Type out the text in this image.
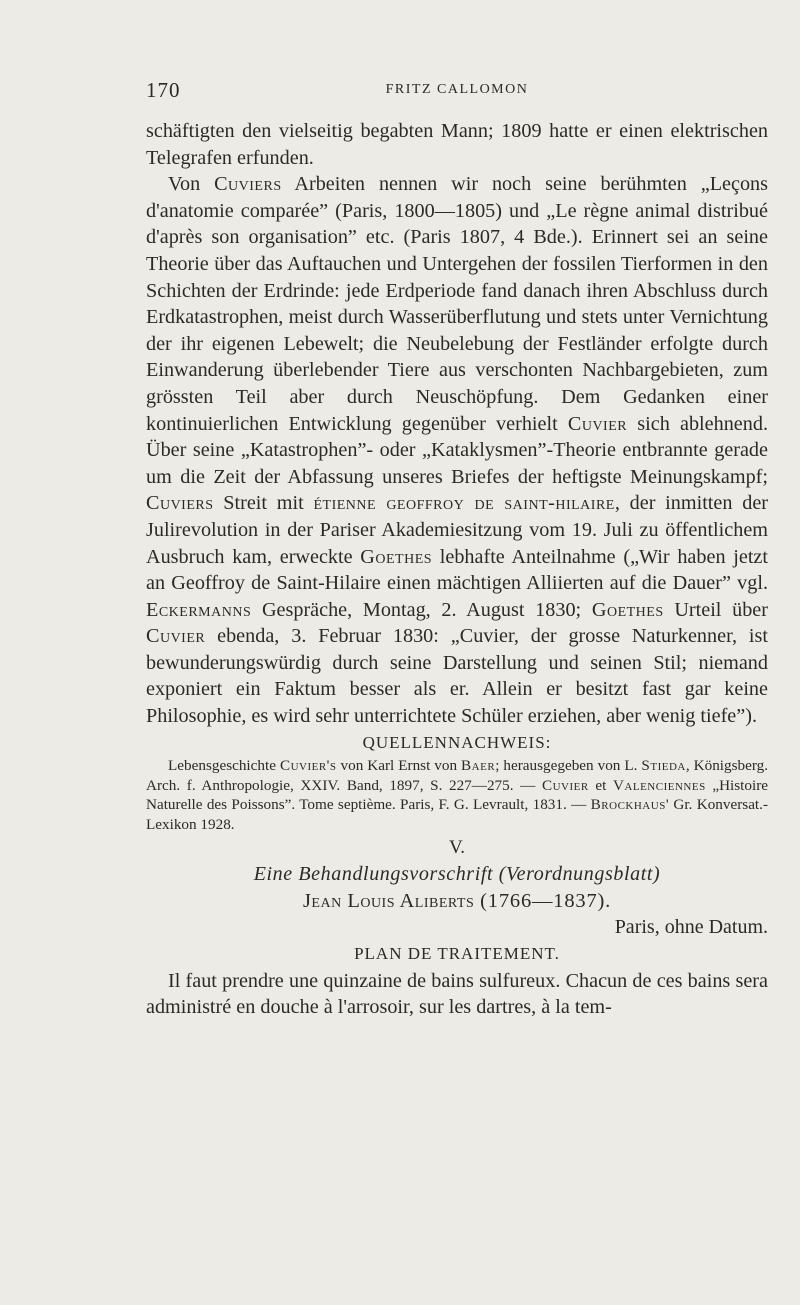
170	FRITZ CALLOMON

schäftigten den vielseitig begabten Mann; 1809 hatte er einen elektrischen Telegrafen erfunden.

Von Cuviers Arbeiten nennen wir noch seine berühmten „Leçons d'anatomie comparée” (Paris, 1800—1805) und „Le règne animal distribué d'après son organisation” etc. (Paris 1807, 4 Bde.). Erinnert sei an seine Theorie über das Auftauchen und Untergehen der fossilen Tierformen in den Schichten der Erdrinde: jede Erdperiode fand danach ihren Abschluss durch Erdkatastrophen, meist durch Wasserüberflutung und stets unter Vernichtung der ihr eigenen Lebewelt; die Neubelebung der Festländer erfolgte durch Einwanderung überlebender Tiere aus verschonten Nachbargebieten, zum grössten Teil aber durch Neuschöpfung. Dem Gedanken einer kontinuierlichen Entwicklung gegenüber verhielt Cuvier sich ablehnend. Über seine „Katastrophen”- oder „Kataklysmen”-Theorie entbrannte gerade um die Zeit der Abfassung unseres Briefes der heftigste Meinungskampf; Cuviers Streit mit étienne geoffroy de saint-hilaire, der inmitten der Julirevolution in der Pariser Akademiesitzung vom 19. Juli zu öffentlichem Ausbruch kam, erweckte Goethes lebhafte Anteilnahme („Wir haben jetzt an Geoffroy de Saint-Hilaire einen mächtigen Alliierten auf die Dauer” vgl. Eckermanns Gespräche, Montag, 2. August 1830; Goethes Urteil über Cuvier ebenda, 3. Februar 1830: „Cuvier, der grosse Naturkenner, ist bewunderungswürdig durch seine Darstellung und seinen Stil; niemand exponiert ein Faktum besser als er. Allein er besitzt fast gar keine Philosophie, es wird sehr unterrichtete Schüler erziehen, aber wenig tiefe”).

QUELLENNACHWEIS:

Lebensgeschichte Cuvier's von Karl Ernst von Baer; herausgegeben von L. Stieda, Königsberg. Arch. f. Anthropologie, XXIV. Band, 1897, S. 227—275. — Cuvier et Valenciennes „Histoire Naturelle des Poissons”. Tome septième. Paris, F. G. Levrault, 1831. — Brockhaus' Gr. Konversat.-Lexikon 1928.

V.

Eine Behandlungsvorschrift (Verordnungsblatt)

Jean Louis Aliberts (1766—1837).

Paris, ohne Datum.

PLAN DE TRAITEMENT.

Il faut prendre une quinzaine de bains sulfureux. Chacun de ces bains sera administré en douche à l'arrosoir, sur les dartres, à la tem-
